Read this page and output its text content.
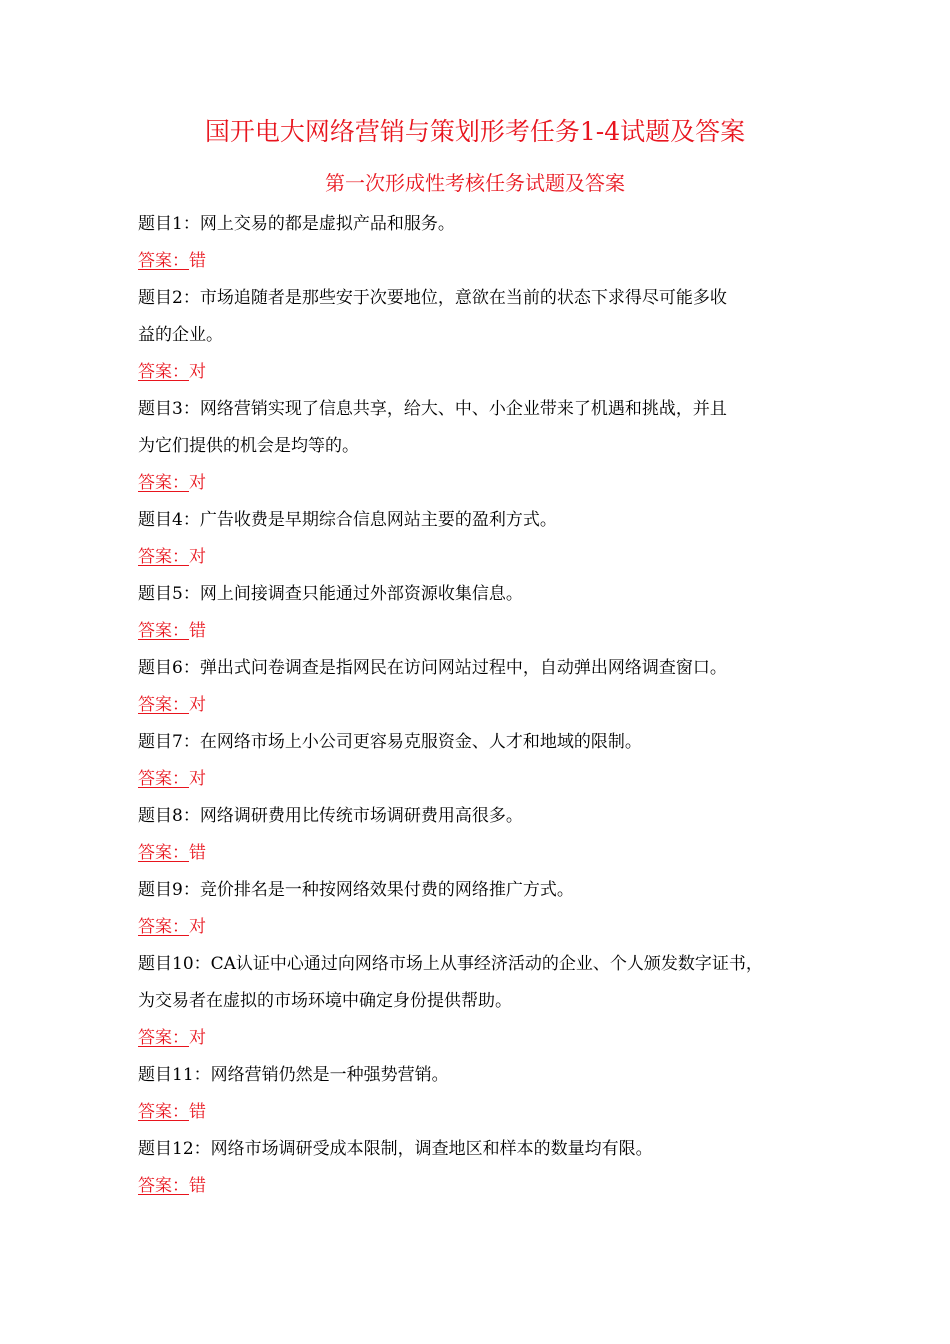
国开电大网络营销与策划形考任务1-4试题及答案
第一次形成性考核任务试题及答案
题目1：网上交易的都是虚拟产品和服务。
答案：错
题目2：市场追随者是那些安于次要地位，意欲在当前的状态下求得尽可能多收
益的企业。
答案：对
题目3：网络营销实现了信息共享，给大、中、小企业带来了机遇和挑战，并且
为它们提供的机会是均等的。
答案：对
题目4：广告收费是早期综合信息网站主要的盈利方式。
答案：对
题目5：网上间接调查只能通过外部资源收集信息。
答案：错
题目6：弹出式问卷调查是指网民在访问网站过程中，自动弹出网络调查窗口。
答案：对
题目7：在网络市场上小公司更容易克服资金、人才和地域的限制。
答案：对
题目8：网络调研费用比传统市场调研费用高很多。
答案：错
题目9：竞价排名是一种按网络效果付费的网络推广方式。
答案：对
题目10：CA认证中心通过向网络市场上从事经济活动的企业、个人颁发数字证书，
为交易者在虚拟的市场环境中确定身份提供帮助。
答案：对
题目11：网络营销仍然是一种强势营销。
答案：错
题目12：网络市场调研受成本限制，调查地区和样本的数量均有限。
答案：错
